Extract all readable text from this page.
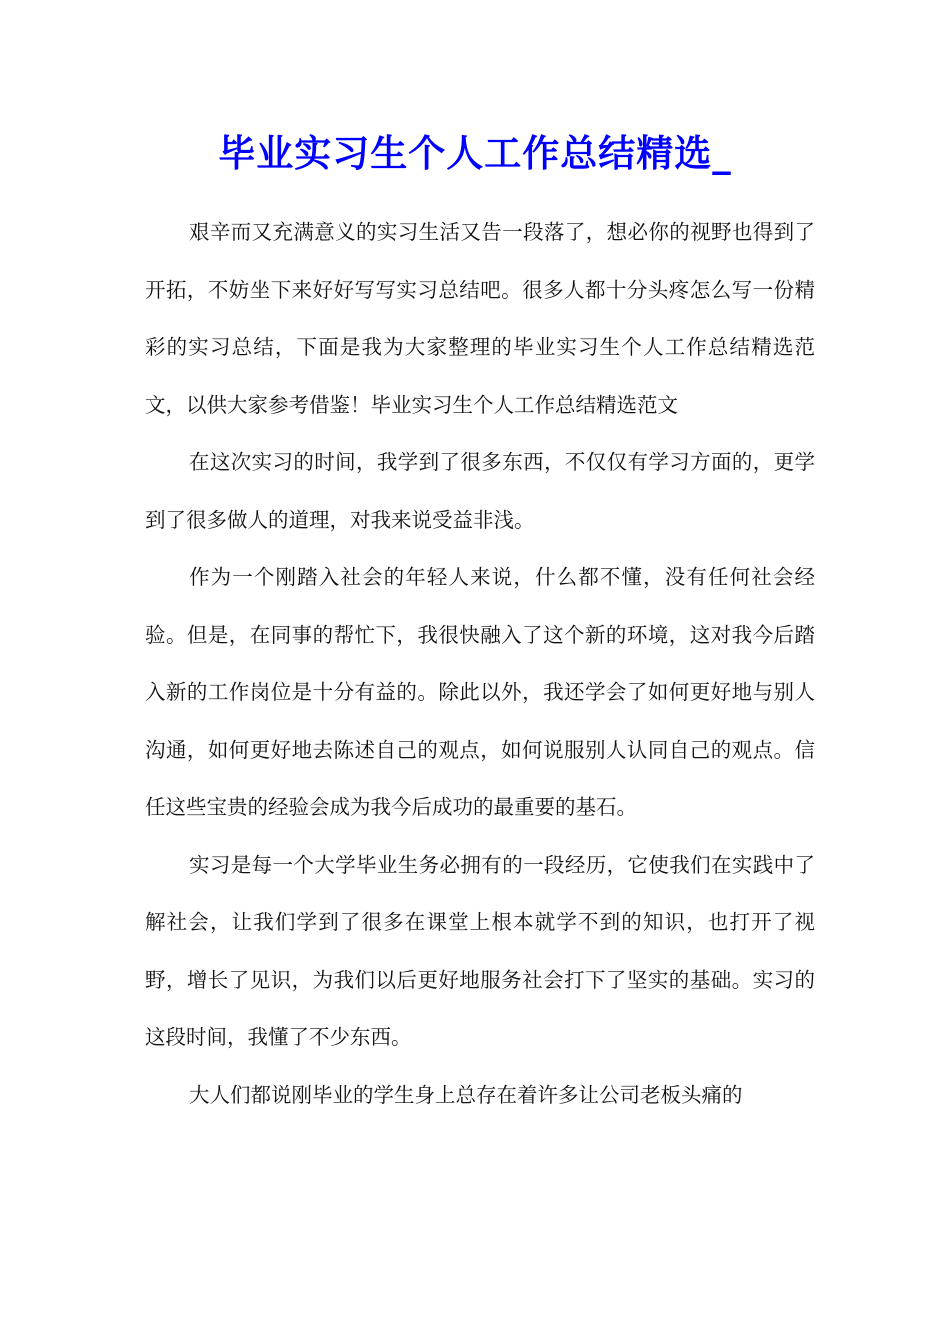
毕业实习生个人工作总结精选_

艰辛而又充满意义的实习生活又告一段落了，想必你的视野也得到了开拓，不妨坐下来好好写写实习总结吧。很多人都十分头疼怎么写一份精彩的实习总结，下面是我为大家整理的毕业实习生个人工作总结精选范文，以供大家参考借鉴！毕业实习生个人工作总结精选范文

在这次实习的时间，我学到了很多东西，不仅仅有学习方面的，更学到了很多做人的道理，对我来说受益非浅。

作为一个刚踏入社会的年轻人来说，什么都不懂，没有任何社会经验。但是，在同事的帮忙下，我很快融入了这个新的环境，这对我今后踏入新的工作岗位是十分有益的。除此以外，我还学会了如何更好地与别人沟通，如何更好地去陈述自己的观点，如何说服别人认同自己的观点。信任这些宝贵的经验会成为我今后成功的最重要的基石。

实习是每一个大学毕业生务必拥有的一段经历，它使我们在实践中了解社会，让我们学到了很多在课堂上根本就学不到的知识，也打开了视野，增长了见识，为我们以后更好地服务社会打下了坚实的基础。实习的这段时间，我懂了不少东西。

大人们都说刚毕业的学生身上总存在着许多让公司老板头痛的
